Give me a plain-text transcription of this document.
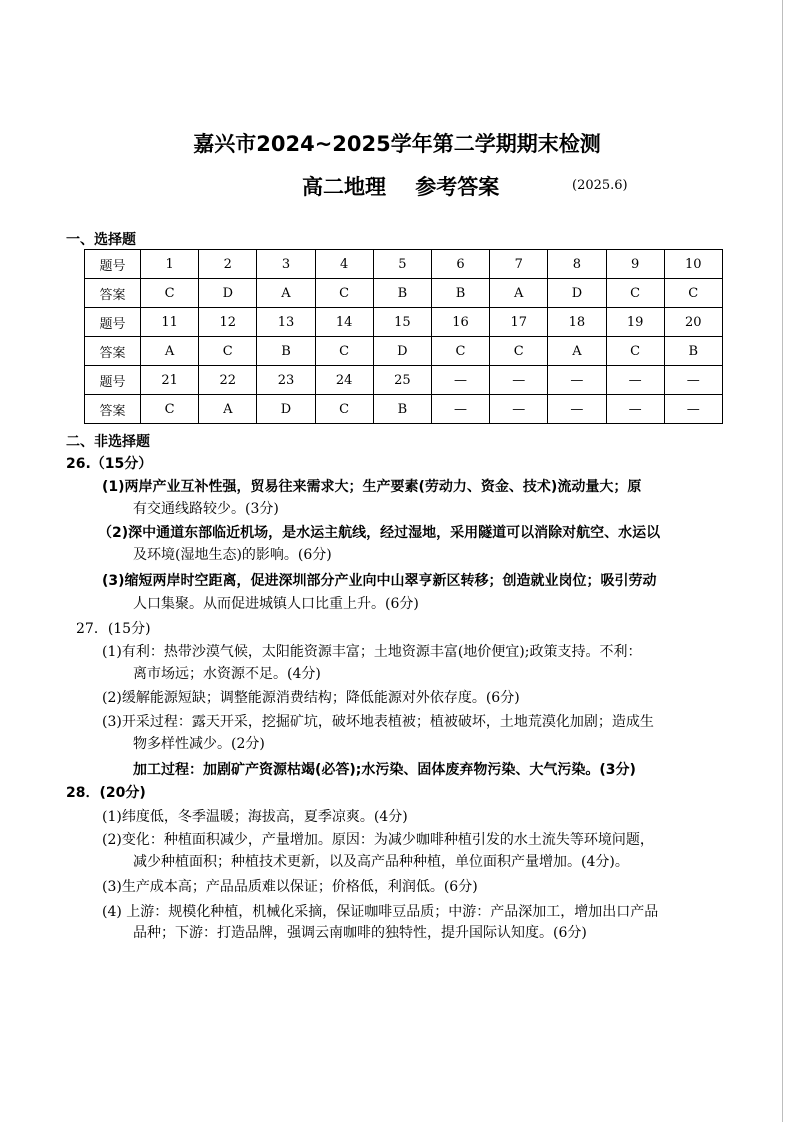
嘉兴市2024~2025学年第二学期期末检测
高二地理    参考答案	(2025.6)
一、选择题
题号	1	2	3	4	5	6	7	8	9	10
答案	C	D	A	C	B	B	A	D	C	C
题号	11	12	13	14	15	16	17	18	19	20
答案	A	C	B	C	D	C	C	A	C	B
题号	21	22	23	24	25	—	—	—	—	—
答案	C	A	D	C	B	—	—	—	—	—
二、非选择题
26.（15分）
(1)两岸产业互补性强，贸易往来需求大；生产要素(劳动力、资金、技术)流动量大；原
有交通线路较少。(3分)
（2)深中通道东部临近机场，是水运主航线，经过湿地，采用隧道可以消除对航空、水运以
及环境(湿地生态)的影响。(6分)
(3)缩短两岸时空距离，促进深圳部分产业向中山翠亨新区转移；创造就业岗位；吸引劳动
人口集聚。从而促进城镇人口比重上升。(6分)
27．(15分)
(1)有利：热带沙漠气候，太阳能资源丰富；土地资源丰富(地价便宜);政策支持。不利：
离市场远；水资源不足。(4分)
(2)缓解能源短缺；调整能源消费结构；降低能源对外依存度。(6分)
(3)开采过程：露天开采，挖掘矿坑，破坏地表植被；植被破坏，土地荒漠化加剧；造成生
物多样性减少。(2分)
加工过程：加剧矿产资源枯竭(必答);水污染、固体废弃物污染、大气污染。(3分)
28．(20分)
(1)纬度低，冬季温暖；海拔高，夏季凉爽。(4分)
(2)变化：种植面积减少，产量增加。原因：为减少咖啡种植引发的水土流失等环境问题，
减少种植面积；种植技术更新，以及高产品种种植，单位面积产量增加。(4分)。
(3)生产成本高；产品品质难以保证；价格低，利润低。(6分)
(4) 上游：规模化种植，机械化采摘，保证咖啡豆品质；中游：产品深加工，增加出口产品
品种；下游：打造品牌，强调云南咖啡的独特性，提升国际认知度。(6分)
